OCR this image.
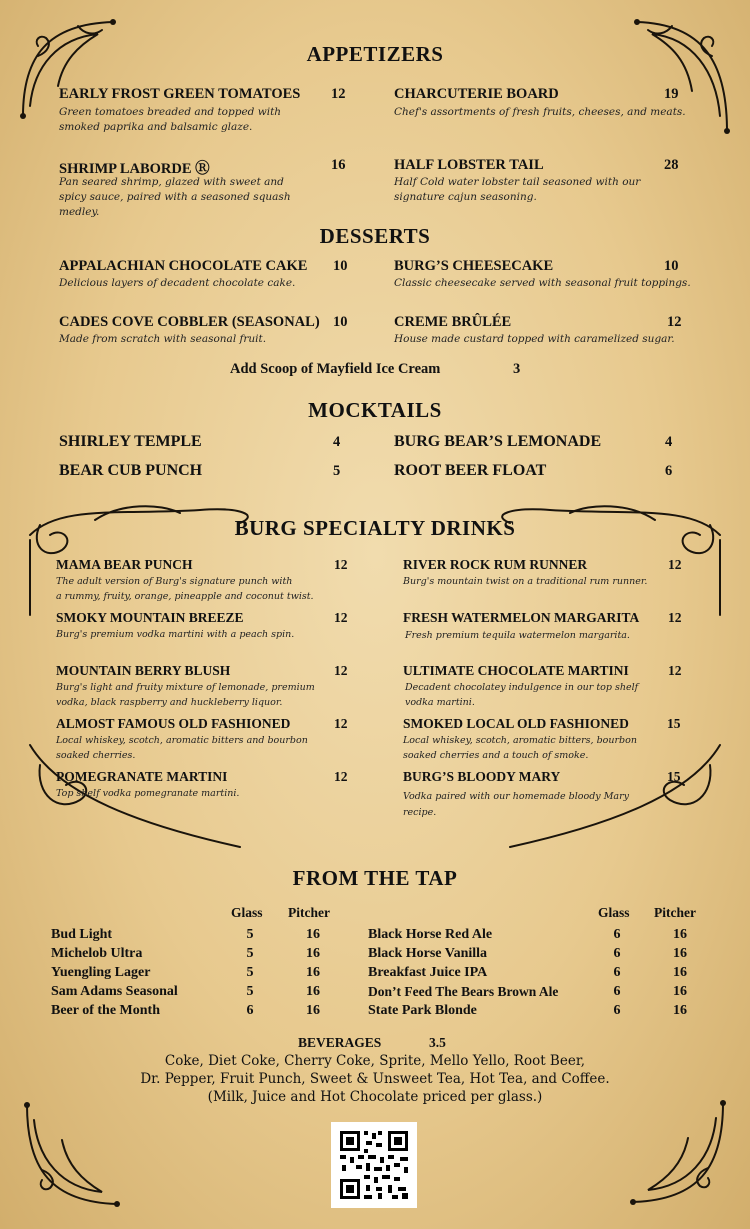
APPETIZERS
EARLY FROST GREEN TOMATOES 12
Green tomatoes breaded and topped with smoked paprika and balsamic glaze.
CHARCUTERIE BOARD	19
Chef's assortments of fresh fruits, cheeses, and meats.
SHRIMP LABORDE Ⓡ	16
Pan seared shrimp, glazed with sweet and spicy sauce, paired with a seasoned squash medley.
HALF LOBSTER TAIL	28
Half Cold water lobster tail seasoned with our signature cajun seasoning.
DESSERTS
APPALACHIAN CHOCOLATE CAKE 10
Delicious layers of decadent chocolate cake.
BURG’S CHEESECAKE	10
Classic cheesecake served with seasonal fruit toppings.
CADES COVE COBBLER (SEASONAL) 10
Made from scratch with seasonal fruit.
CREME BRÛLÉE	12
House made custard topped with caramelized sugar.
Add Scoop of Mayfield Ice Cream	3
MOCKTAILS
SHIRLEY TEMPLE	4	BURG BEAR’S LEMONADE	4
BEAR CUB PUNCH	5	ROOT BEER FLOAT	6
BURG SPECIALTY DRINKS
MAMA BEAR PUNCH	12
The adult version of Burg's signature punch with
a rummy, fruity, orange, pineapple and coconut twist.
RIVER ROCK RUM RUNNER	12
Burg's mountain twist on a traditional rum runner.
SMOKY MOUNTAIN BREEZE	12
Burg's premium vodka martini with a peach spin.
FRESH WATERMELON MARGARITA 12
Fresh premium tequila watermelon margarita.
MOUNTAIN BERRY BLUSH	12
Burg's light and fruity mixture of lemonade, premium
vodka, black raspberry and huckleberry liquor.
ULTIMATE CHOCOLATE MARTINI	12
Decadent chocolatey indulgence in our top shelf
vodka martini.
ALMOST FAMOUS OLD FASHIONED	12
Local whiskey, scotch, aromatic bitters and bourbon
soaked cherries.
SMOKED LOCAL OLD FASHIONED	15
Local whiskey, scotch, aromatic bitters, bourbon
soaked cherries and a touch of smoke.
POMEGRANATE MARTINI	12
Top shelf vodka pomegranate martini.
BURG’S BLOODY MARY	15
Vodka paired with our homemade bloody Mary
recipe.
FROM THE TAP
Glass Pitcher	Glass Pitcher
Bud Light	5	16
Michelob Ultra	5	16
Yuengling Lager	5	16
Sam Adams Seasonal	5	16
Beer of the Month	6	16
Black Horse Red Ale	6	16
Black Horse Vanilla	6	16
Breakfast Juice IPA	6	16
Don’t Feed The Bears Brown Ale	6	16
State Park Blonde	6	16
BEVERAGES	3.5
Coke, Diet Coke, Cherry Coke, Sprite, Mello Yello, Root Beer,
Dr. Pepper, Fruit Punch, Sweet & Unsweet Tea, Hot Tea, and Coffee.
(Milk, Juice and Hot Chocolate priced per glass.)
